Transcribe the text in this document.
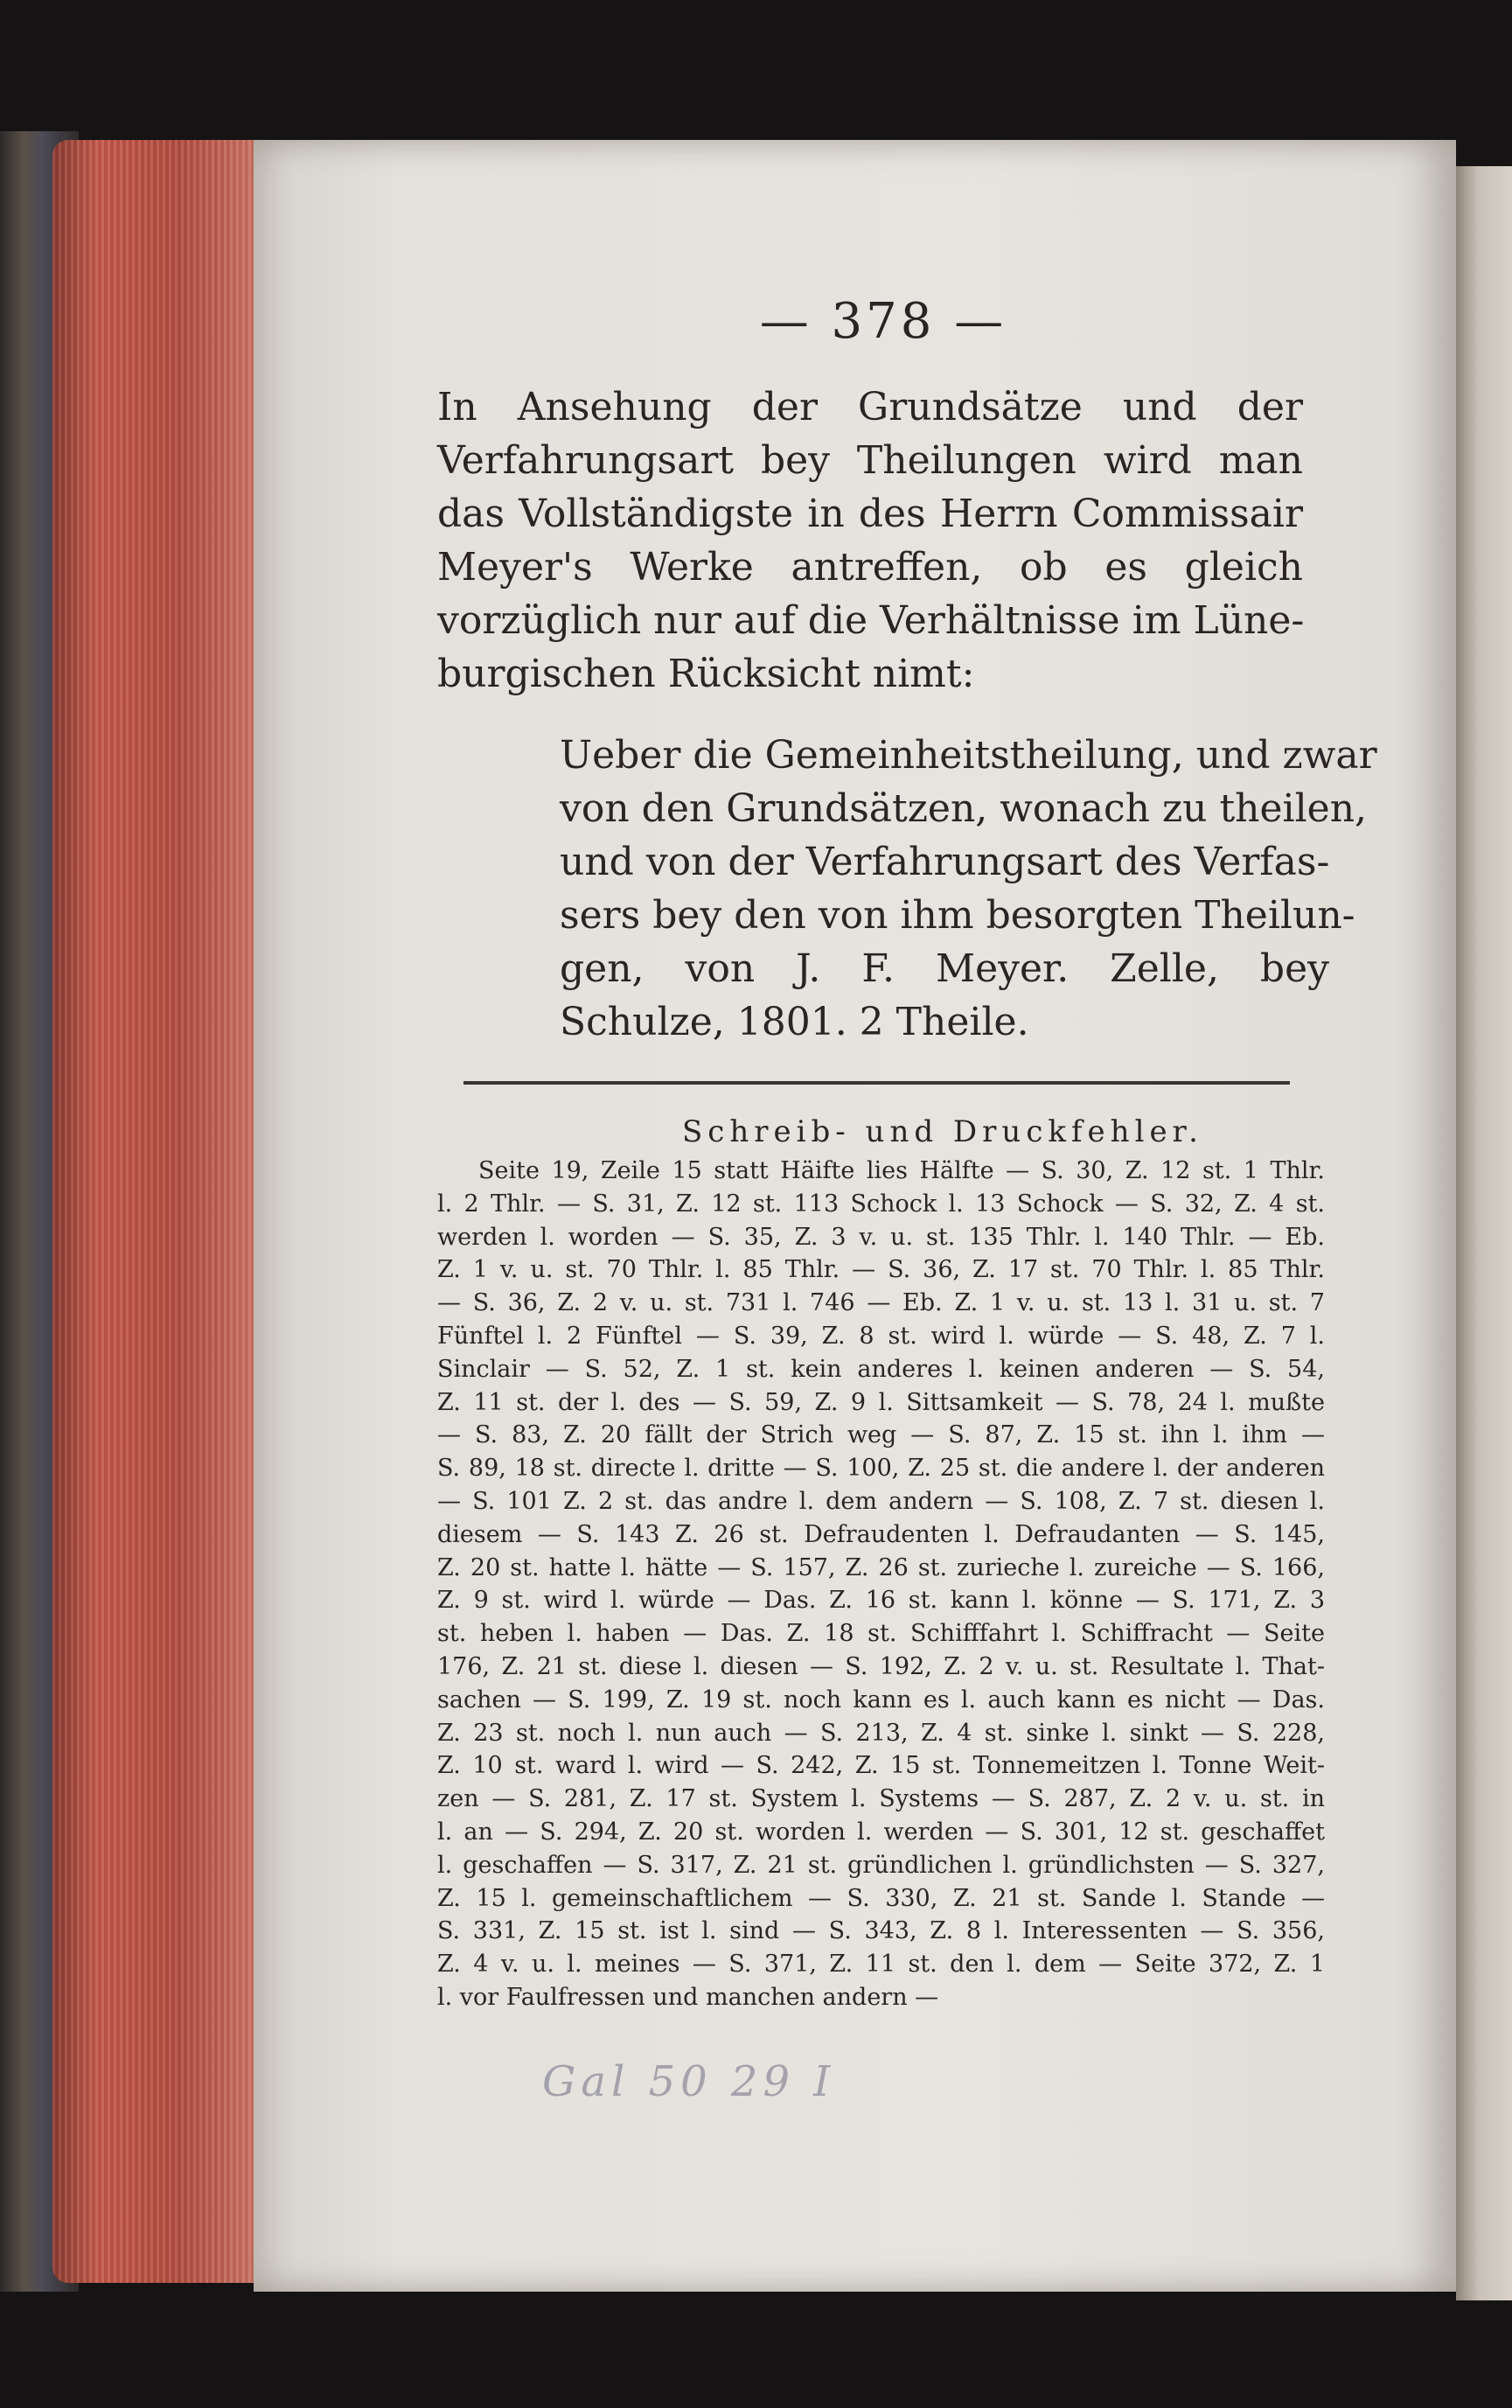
— 378 —
In Ansehung der Grundsätze und der
Verfahrungsart bey Theilungen wird man
das Vollständigste in des Herrn Commissair
Meyer's Werke antreffen, ob es gleich
vorzüglich nur auf die Verhältnisse im Lüne-
burgischen Rücksicht nimt:
Ueber die Gemeinheitstheilung, und zwar
von den Grundsätzen, wonach zu theilen,
und von der Verfahrungsart des Verfas-
sers bey den von ihm besorgten Theilun-
gen, von J. F. Meyer. Zelle, bey
Schulze, 1801. 2 Theile.
Schreib- und Druckfehler.
Seite 19, Zeile 15 statt Häifte lies Hälfte — S. 30, Z. 12 st. 1 Thlr.
l. 2 Thlr. — S. 31, Z. 12 st. 113 Schock l. 13 Schock — S. 32, Z. 4 st.
werden l. worden — S. 35, Z. 3 v. u. st. 135 Thlr. l. 140 Thlr. — Eb.
Z. 1 v. u. st. 70 Thlr. l. 85 Thlr. — S. 36, Z. 17 st. 70 Thlr. l. 85 Thlr.
— S. 36, Z. 2 v. u. st. 731 l. 746 — Eb. Z. 1 v. u. st. 13 l. 31 u. st. 7
Fünftel l. 2 Fünftel — S. 39, Z. 8 st. wird l. würde — S. 48, Z. 7 l.
Sinclair — S. 52, Z. 1 st. kein anderes l. keinen anderen — S. 54,
Z. 11 st. der l. des — S. 59, Z. 9 l. Sittsamkeit — S. 78, 24 l. mußte
— S. 83, Z. 20 fällt der Strich weg — S. 87, Z. 15 st. ihn l. ihm —
S. 89, 18 st. directe l. dritte — S. 100, Z. 25 st. die andere l. der anderen
— S. 101 Z. 2 st. das andre l. dem andern — S. 108, Z. 7 st. diesen l.
diesem — S. 143 Z. 26 st. Defraudenten l. Defraudanten — S. 145,
Z. 20 st. hatte l. hätte — S. 157, Z. 26 st. zurieche l. zureiche — S. 166,
Z. 9 st. wird l. würde — Das. Z. 16 st. kann l. könne — S. 171, Z. 3
st. heben l. haben — Das. Z. 18 st. Schifffahrt l. Schiffracht — Seite
176, Z. 21 st. diese l. diesen — S. 192, Z. 2 v. u. st. Resultate l. That-
sachen — S. 199, Z. 19 st. noch kann es l. auch kann es nicht — Das.
Z. 23 st. noch l. nun auch — S. 213, Z. 4 st. sinke l. sinkt — S. 228,
Z. 10 st. ward l. wird — S. 242, Z. 15 st. Tonnemeitzen l. Tonne Weit-
zen — S. 281, Z. 17 st. System l. Systems — S. 287, Z. 2 v. u. st. in
l. an — S. 294, Z. 20 st. worden l. werden — S. 301, 12 st. geschaffet
l. geschaffen — S. 317, Z. 21 st. gründlichen l. gründlichsten — S. 327,
Z. 15 l. gemeinschaftlichem — S. 330, Z. 21 st. Sande l. Stande —
S. 331, Z. 15 st. ist l. sind — S. 343, Z. 8 l. Interessenten — S. 356,
Z. 4 v. u. l. meines — S. 371, Z. 11 st. den l. dem — Seite 372, Z. 1
l. vor Faulfressen und manchen andern —
Gal 50 29 I
